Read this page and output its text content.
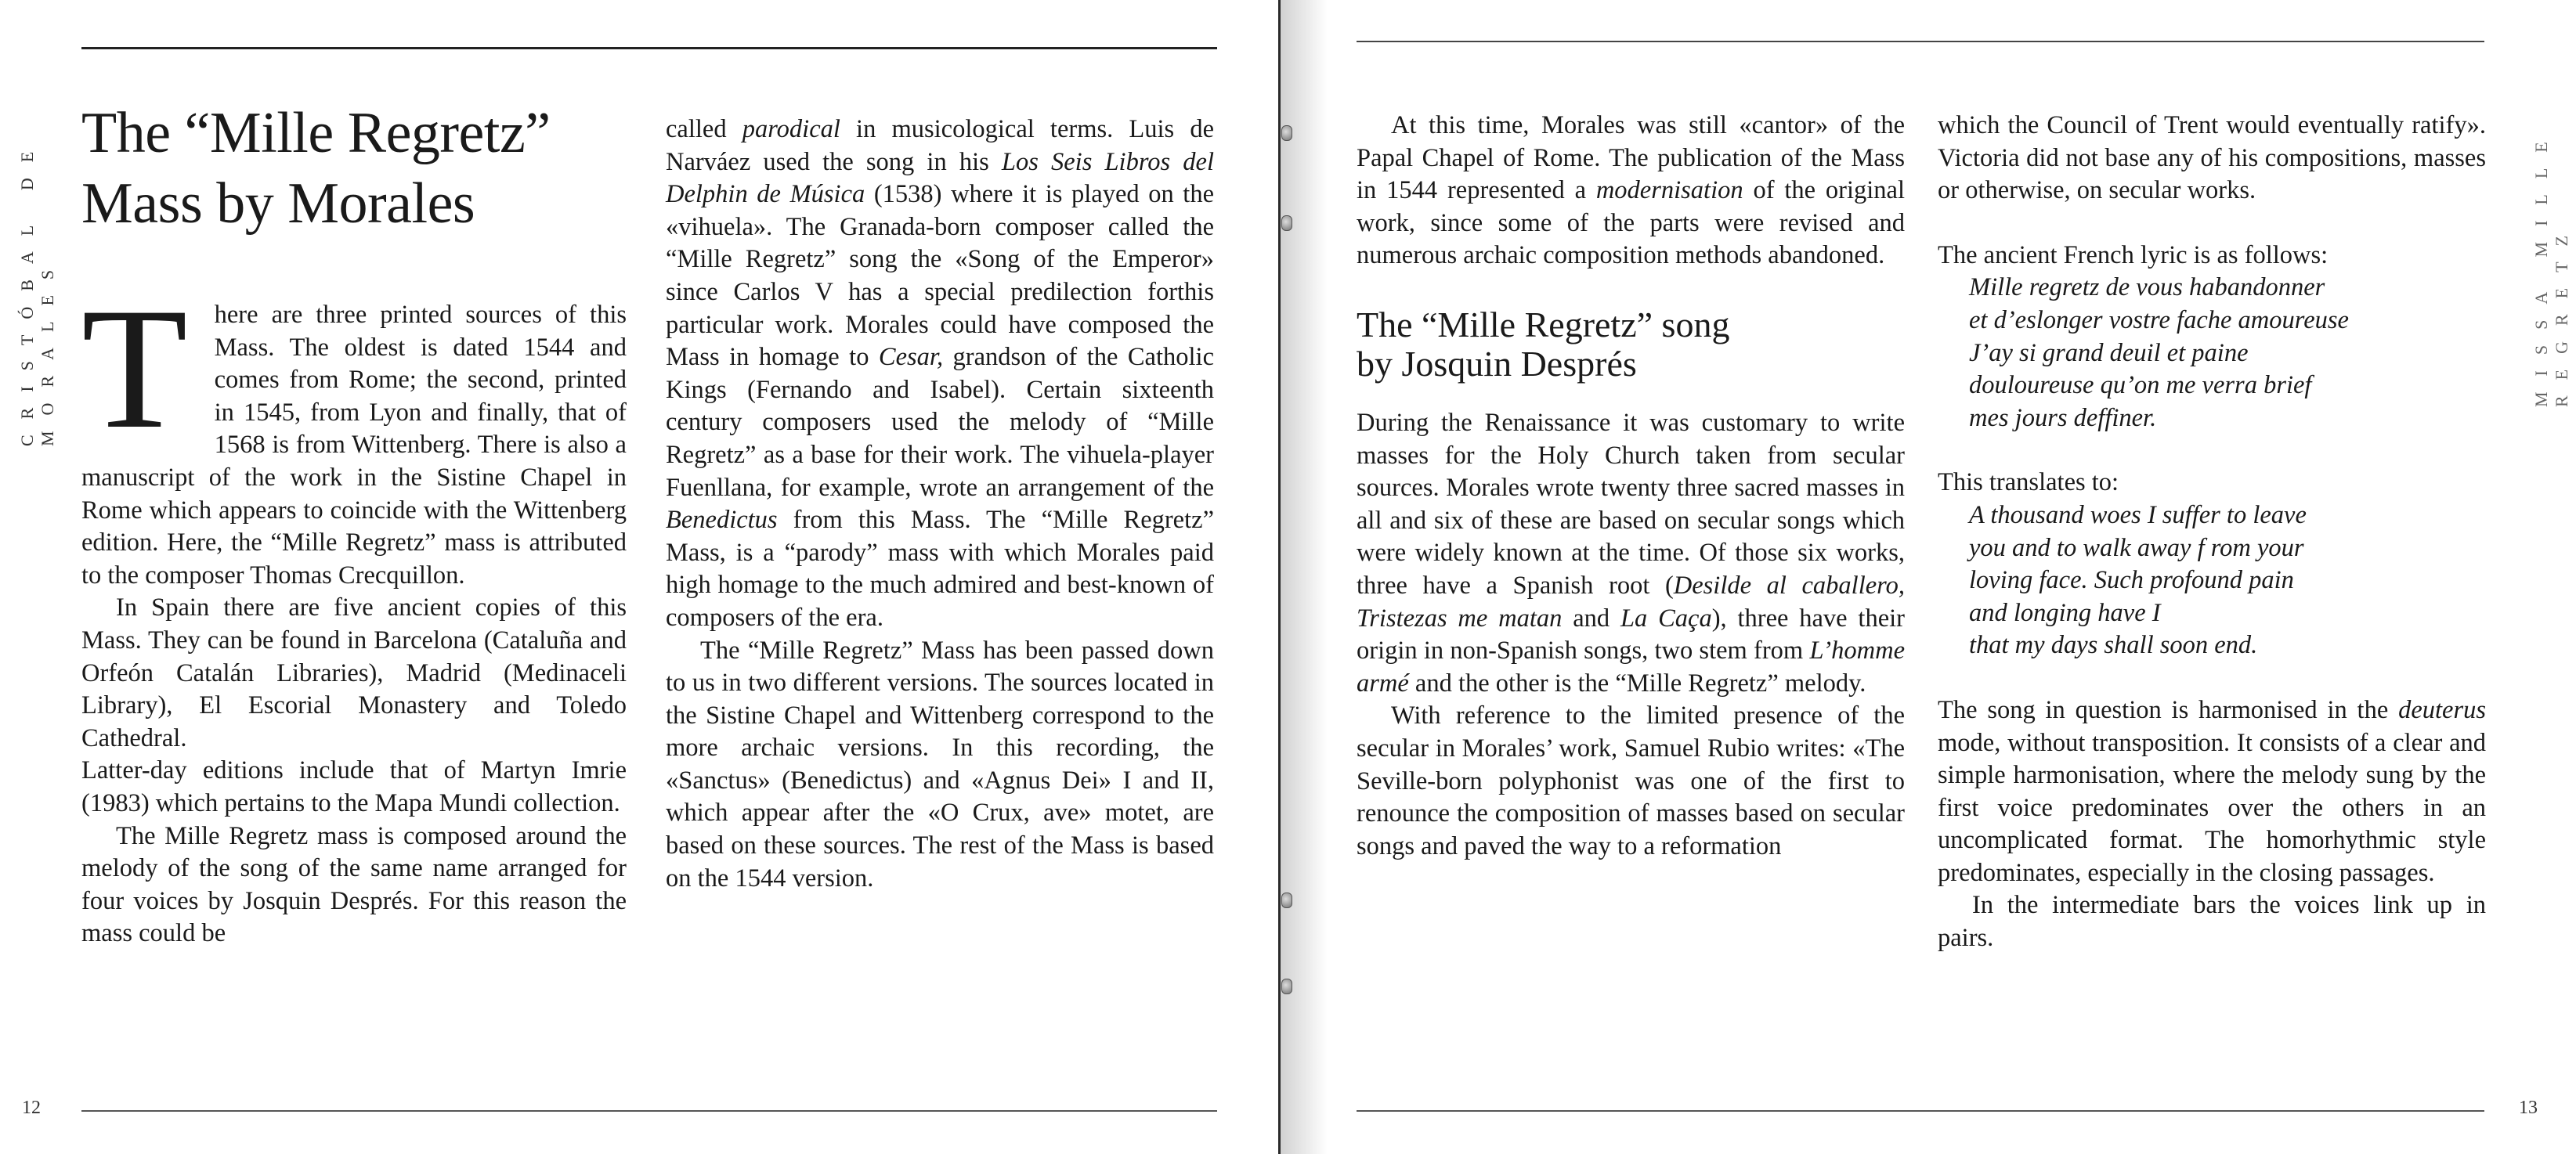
CRISTÓBAL DE MORALES
The “Mille Regretz”
Mass by Morales

T here are three printed sources of this Mass. The oldest is dated 1544 and comes from Rome; the second, printed in 1545, from Lyon and finally, that of 1568 is from Wittenberg. There is also a manuscript of the work in the Sistine Chapel in Rome which appears to coincide with the Wittenberg edition. Here, the “Mille Regretz” mass is attributed to the composer Thomas Crecquillon.

In Spain there are five ancient copies of this Mass. They can be found in Barcelona (Cataluña and Orfeón Catalán Libraries), Madrid (Medinaceli Library), El Escorial Monastery and Toledo Cathedral.

Latter-day editions include that of Martyn Imrie (1983) which pertains to the Mapa Mundi collection.

The Mille Regretz mass is composed around the melody of the song of the same name arranged for four voices by Josquin Després. For this reason the mass could be

called parodical in musicological terms. Luis de Narváez used the song in his Los Seis Libros del Delphin de Música (1538) where it is played on the «vihuela». The Granada-born composer called the “Mille Regretz” song the «Song of the Emperor» since Carlos V has a special predilection forthis particular work. Morales could have composed the Mass in homage to Cesar, grandson of the Catholic Kings (Fernando and Isabel). Certain sixteenth century composers used the melody of “Mille Regretz” as a base for their work. The vihuela-player Fuenllana, for example, wrote an arrangement of the Benedictus from this Mass. The “Mille Regretz” Mass, is a “parody” mass with which Morales paid high homage to the much admired and best-known of composers of the era.

The “Mille Regretz” Mass has been passed down to us in two different versions. The sources located in the Sistine Chapel and Wittenberg correspond to the more archaic versions. In this recording, the «Sanctus» (Benedictus) and «Agnus Dei» I and II, which appear after the «O Crux, ave» motet, are based on these sources. The rest of the Mass is based on the 1544 version.

12

At this time, Morales was still «cantor» of the Papal Chapel of Rome. The publication of the Mass in 1544 represented a modernisation of the original work, since some of the parts were revised and numerous archaic composition methods abandoned.

The “Mille Regretz” song
by Josquin Després

During the Renaissance it was customary to write masses for the Holy Church taken from secular sources. Morales wrote twenty three sacred masses in all and six of these are based on secular songs which were widely known at the time. Of those six works, three have a Spanish root (Desilde al caballero, Tristezas me matan and La Caça), three have their origin in non-Spanish songs, two stem from L’homme armé and the other is the “Mille Regretz” melody.

With reference to the limited presence of the secular in Morales’ work, Samuel Rubio writes: «The Seville-born polyphonist was one of the first to renounce the composition of masses based on secular songs and paved the way to a reformation

which the Council of Trent would eventually ratify». Victoria did not base any of his compositions, masses or otherwise, on secular works.

The ancient French lyric is as follows:

Mille regretz de vous habandonner
et d’eslonger vostre fache amoureuse
J’ay si grand deuil et paine
douloureuse qu’on me verra brief
mes jours deffiner.

This translates to:

A thousand woes I suffer to leave
you and to walk away f rom your
loving face. Such profound pain
and longing have I
that my days shall soon end.

The song in question is harmonised in the deuterus mode, without transposition. It consists of a clear and simple harmonisation, where the melody sung by the first voice predominates over the others in an uncomplicated format. The homorhythmic style predominates, especially in the closing passages.

In the intermediate bars the voices link up in pairs.

MISSA MILLE REGRETZ
13
